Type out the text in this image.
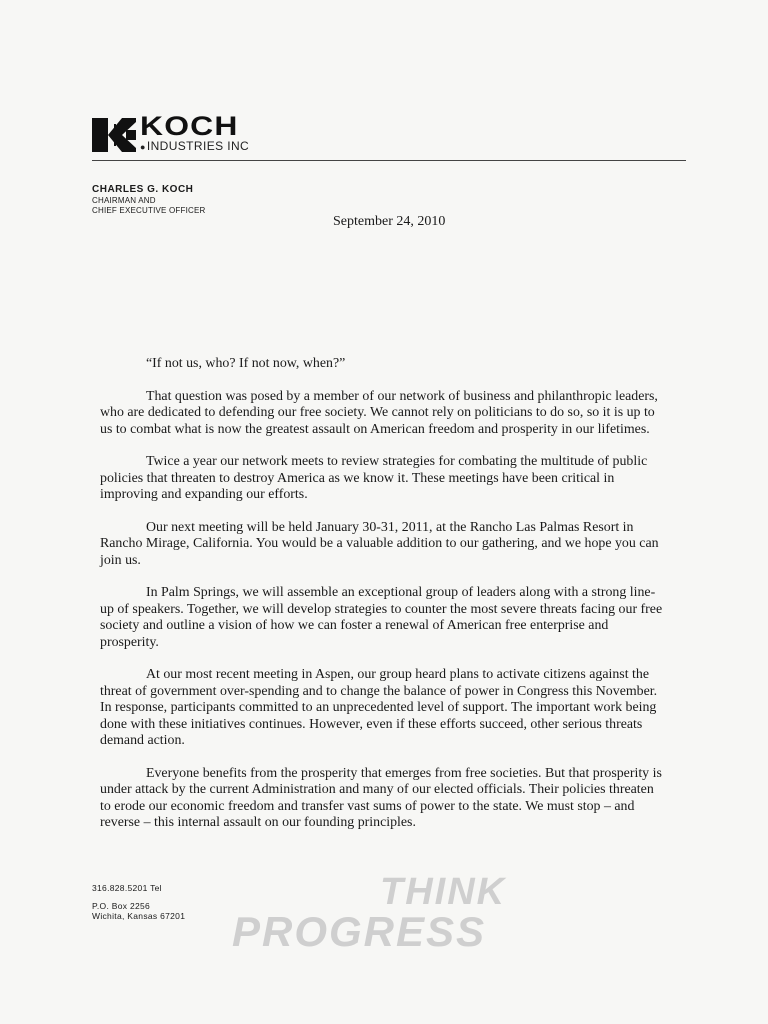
KOCH
●INDUSTRIES INC
CHARLES G. KOCH
CHAIRMAN AND
CHIEF EXECUTIVE OFFICER
September 24, 2010

“If not us, who? If not now, when?”

That question was posed by a member of our network of business and philanthropic leaders, who are dedicated to defending our free society. We cannot rely on politicians to do so, so it is up to us to combat what is now the greatest assault on American freedom and prosperity in our lifetimes.

Twice a year our network meets to review strategies for combating the multitude of public policies that threaten to destroy America as we know it. These meetings have been critical in improving and expanding our efforts.

Our next meeting will be held January 30-31, 2011, at the Rancho Las Palmas Resort in Rancho Mirage, California. You would be a valuable addition to our gathering, and we hope you can join us.

In Palm Springs, we will assemble an exceptional group of leaders along with a strong line-up of speakers. Together, we will develop strategies to counter the most severe threats facing our free society and outline a vision of how we can foster a renewal of American free enterprise and prosperity.

At our most recent meeting in Aspen, our group heard plans to activate citizens against the threat of government over-spending and to change the balance of power in Congress this November. In response, participants committed to an unprecedented level of support. The important work being done with these initiatives continues. However, even if these efforts succeed, other serious threats demand action.

Everyone benefits from the prosperity that emerges from free societies. But that prosperity is under attack by the current Administration and many of our elected officials. Their policies threaten to erode our economic freedom and transfer vast sums of power to the state. We must stop – and reverse – this internal assault on our founding principles.

316.828.5201 Tel
P.O. Box 2256
Wichita, Kansas 67201
THINK
PROGRESS
